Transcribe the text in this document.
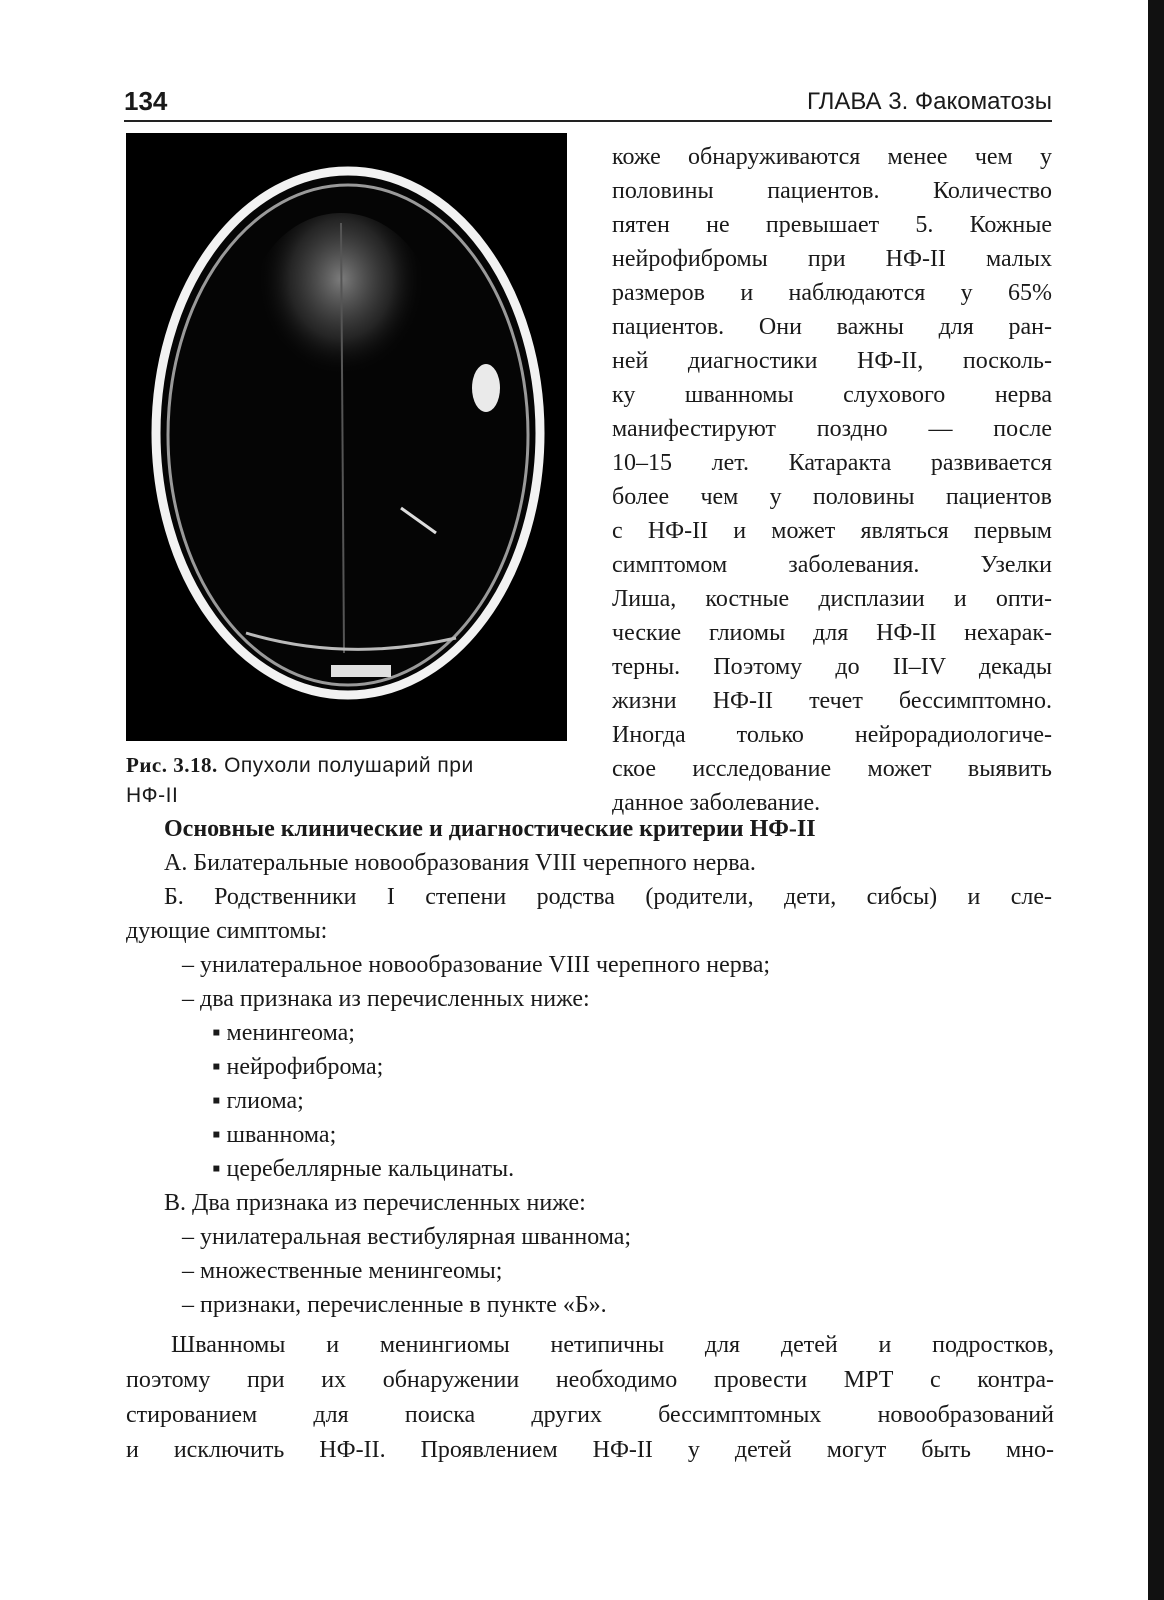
134	ГЛАВА 3. Факоматозы
Рис. 3.18. Опухоли полушарий при
НФ-II
коже обнаруживаются менее чем у
половины пациентов. Количество
пятен не превышает 5. Кожные
нейрофибромы при НФ-II малых
размеров и наблюдаются у 65%
пациентов. Они важны для ран-
ней диагностики НФ-II, посколь-
ку шванномы слухового нерва
манифестируют поздно — после
10–15 лет. Катаракта развивается
более чем у половины пациентов
с НФ-II и может являться первым
симптомом заболевания. Узелки
Лиша, костные дисплазии и опти-
ческие глиомы для НФ-II нехарак-
терны. Поэтому до II–IV декады
жизни НФ-II течет бессимптомно.
Иногда только нейрорадиологиче-
ское исследование может выявить
данное заболевание.
Основные клинические и диагностические критерии НФ-II
А. Билатеральные новообразования VIII черепного нерва.
Б. Родственники I степени родства (родители, дети, сибсы) и сле-
дующие симптомы:
– унилатеральное новообразование VIII черепного нерва;
– два признака из перечисленных ниже:
▪ менингеома;
▪ нейрофиброма;
▪ глиома;
▪ шваннома;
▪ церебеллярные кальцинаты.
В. Два признака из перечисленных ниже:
– унилатеральная вестибулярная шваннома;
– множественные менингеомы;
– признаки, перечисленные в пункте «Б».
Шванномы и менингиомы нетипичны для детей и подростков,
поэтому при их обнаружении необходимо провести МРТ с контра-
стированием для поиска других бессимптомных новообразований
и исключить НФ-II. Проявлением НФ-II у детей могут быть мно-
